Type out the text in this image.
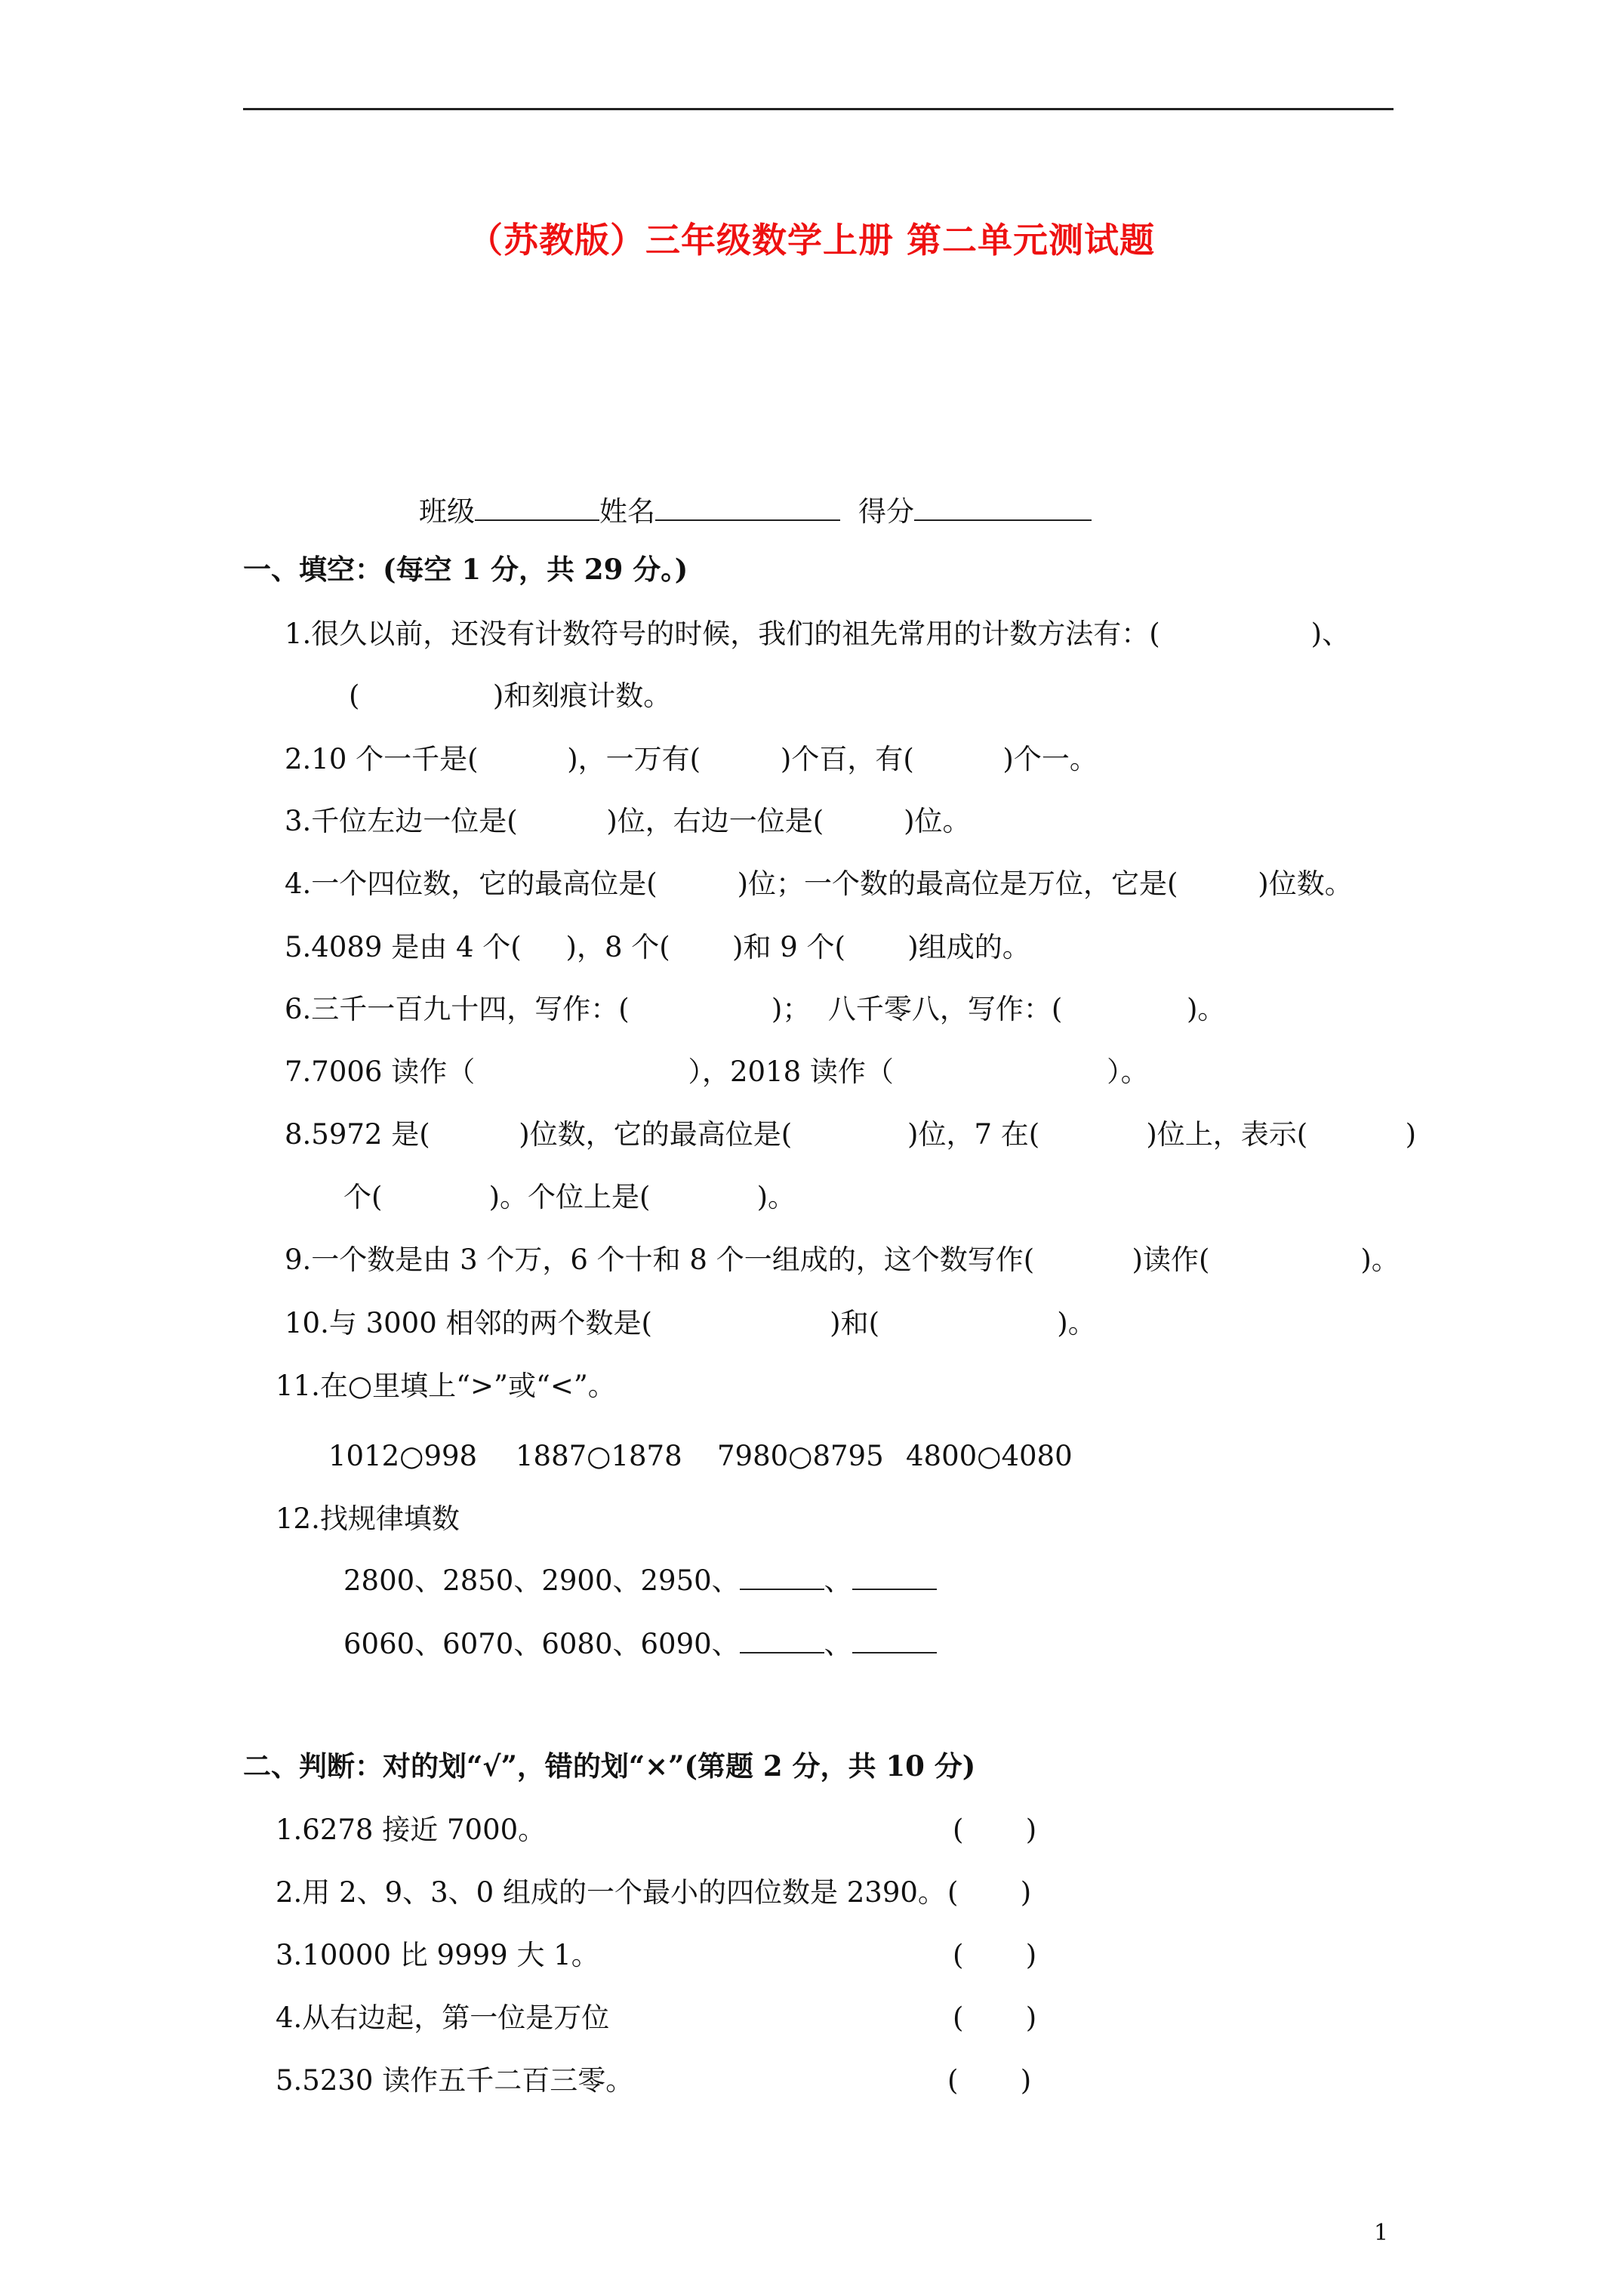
（苏教版）三年级数学上册 第二单元测试题
班级	姓名	得分
一、填空：(每空 1 分，共 29 分。)
1.很久以前，还没有计数符号的时候，我们的祖先常用的计数方法有：(                 )、
(               )和刻痕计数。
2.10 个一千是(          )，一万有(         )个百，有(          )个一。
3.千位左边一位是(          )位，右边一位是(         )位。
4.一个四位数，它的最高位是(         )位；一个数的最高位是万位，它是(         )位数。
5.4089 是由 4 个(     )，8 个(       )和 9 个(       )组成的。
6.三千一百九十四，写作：(                )；  八千零八，写作：(              )。
7.7006 读作（                        ），2018 读作（                        ）。
8.5972 是(          )位数，它的最高位是(             )位，7 在(            )位上，表示(           )
个(            )。个位上是(            )。
9.一个数是由 3 个万，6 个十和 8 个一组成的，这个数写作(           )读作(                 )。
10.与 3000 相邻的两个数是(                    )和(                    )。
11.在○里填上“>”或“<”。
1012○998 1887○1878 7980○8795 4800○4080
12.找规律填数
2800、2850、2900、2950、	、
6060、6070、6080、6090、	、
二、判断：对的划“√”，错的划“×”(第题 2 分，共 10 分)
1.6278 接近 7000。	(       )
2.用 2、9、3、0 组成的一个最小的四位数是 2390。 (       )
3.10000 比 9999 大 1。	(       )
4.从右边起，第一位是万位	(       )
5.5230 读作五千二百三零。	(       )
1
